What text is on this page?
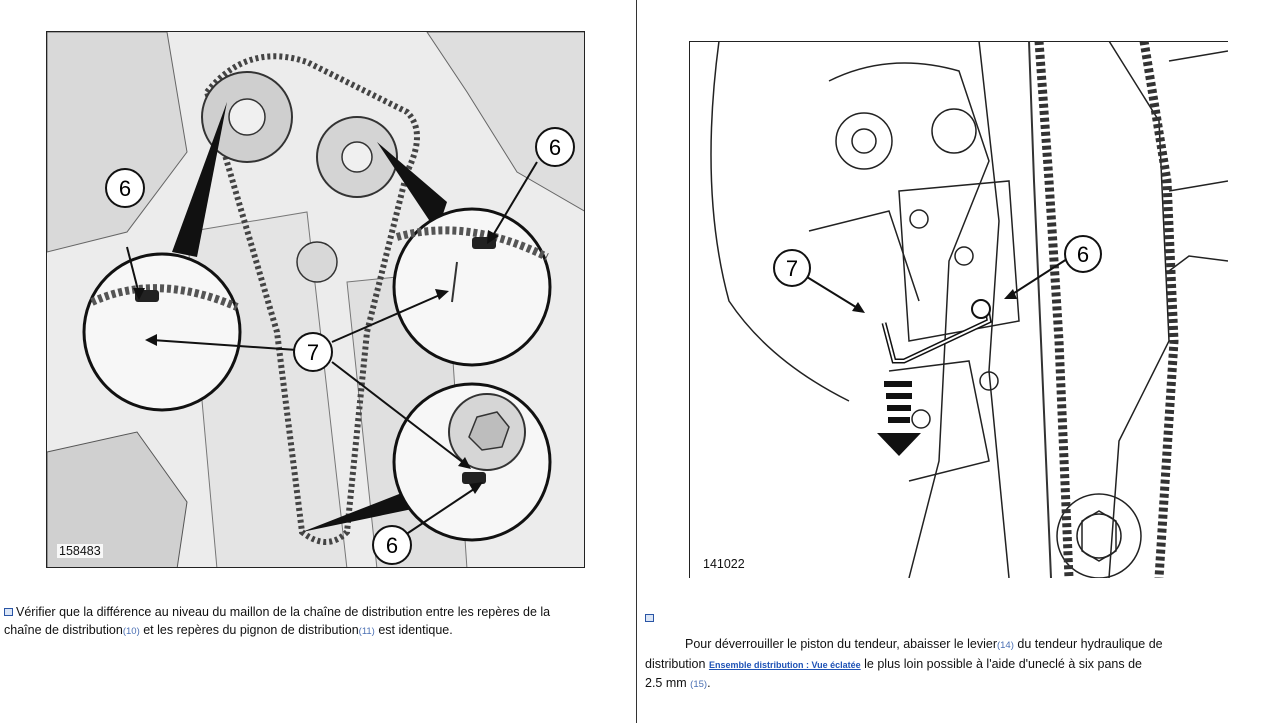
6
6
6
7
158483
Vérifier que la différence au niveau du maillon de la chaîne de distribution entre les repères de la
chaîne de distribution(10) et les repères du pignon de distribution(11) est identique.
7
6
141022
Pour déverrouiller le piston du tendeur, abaisser le levier(14) du tendeur hydraulique de
distribution Ensemble distribution : Vue éclatée le plus loin possible à l'aide d'uneclé à six pans de
2.5 mm (15).
